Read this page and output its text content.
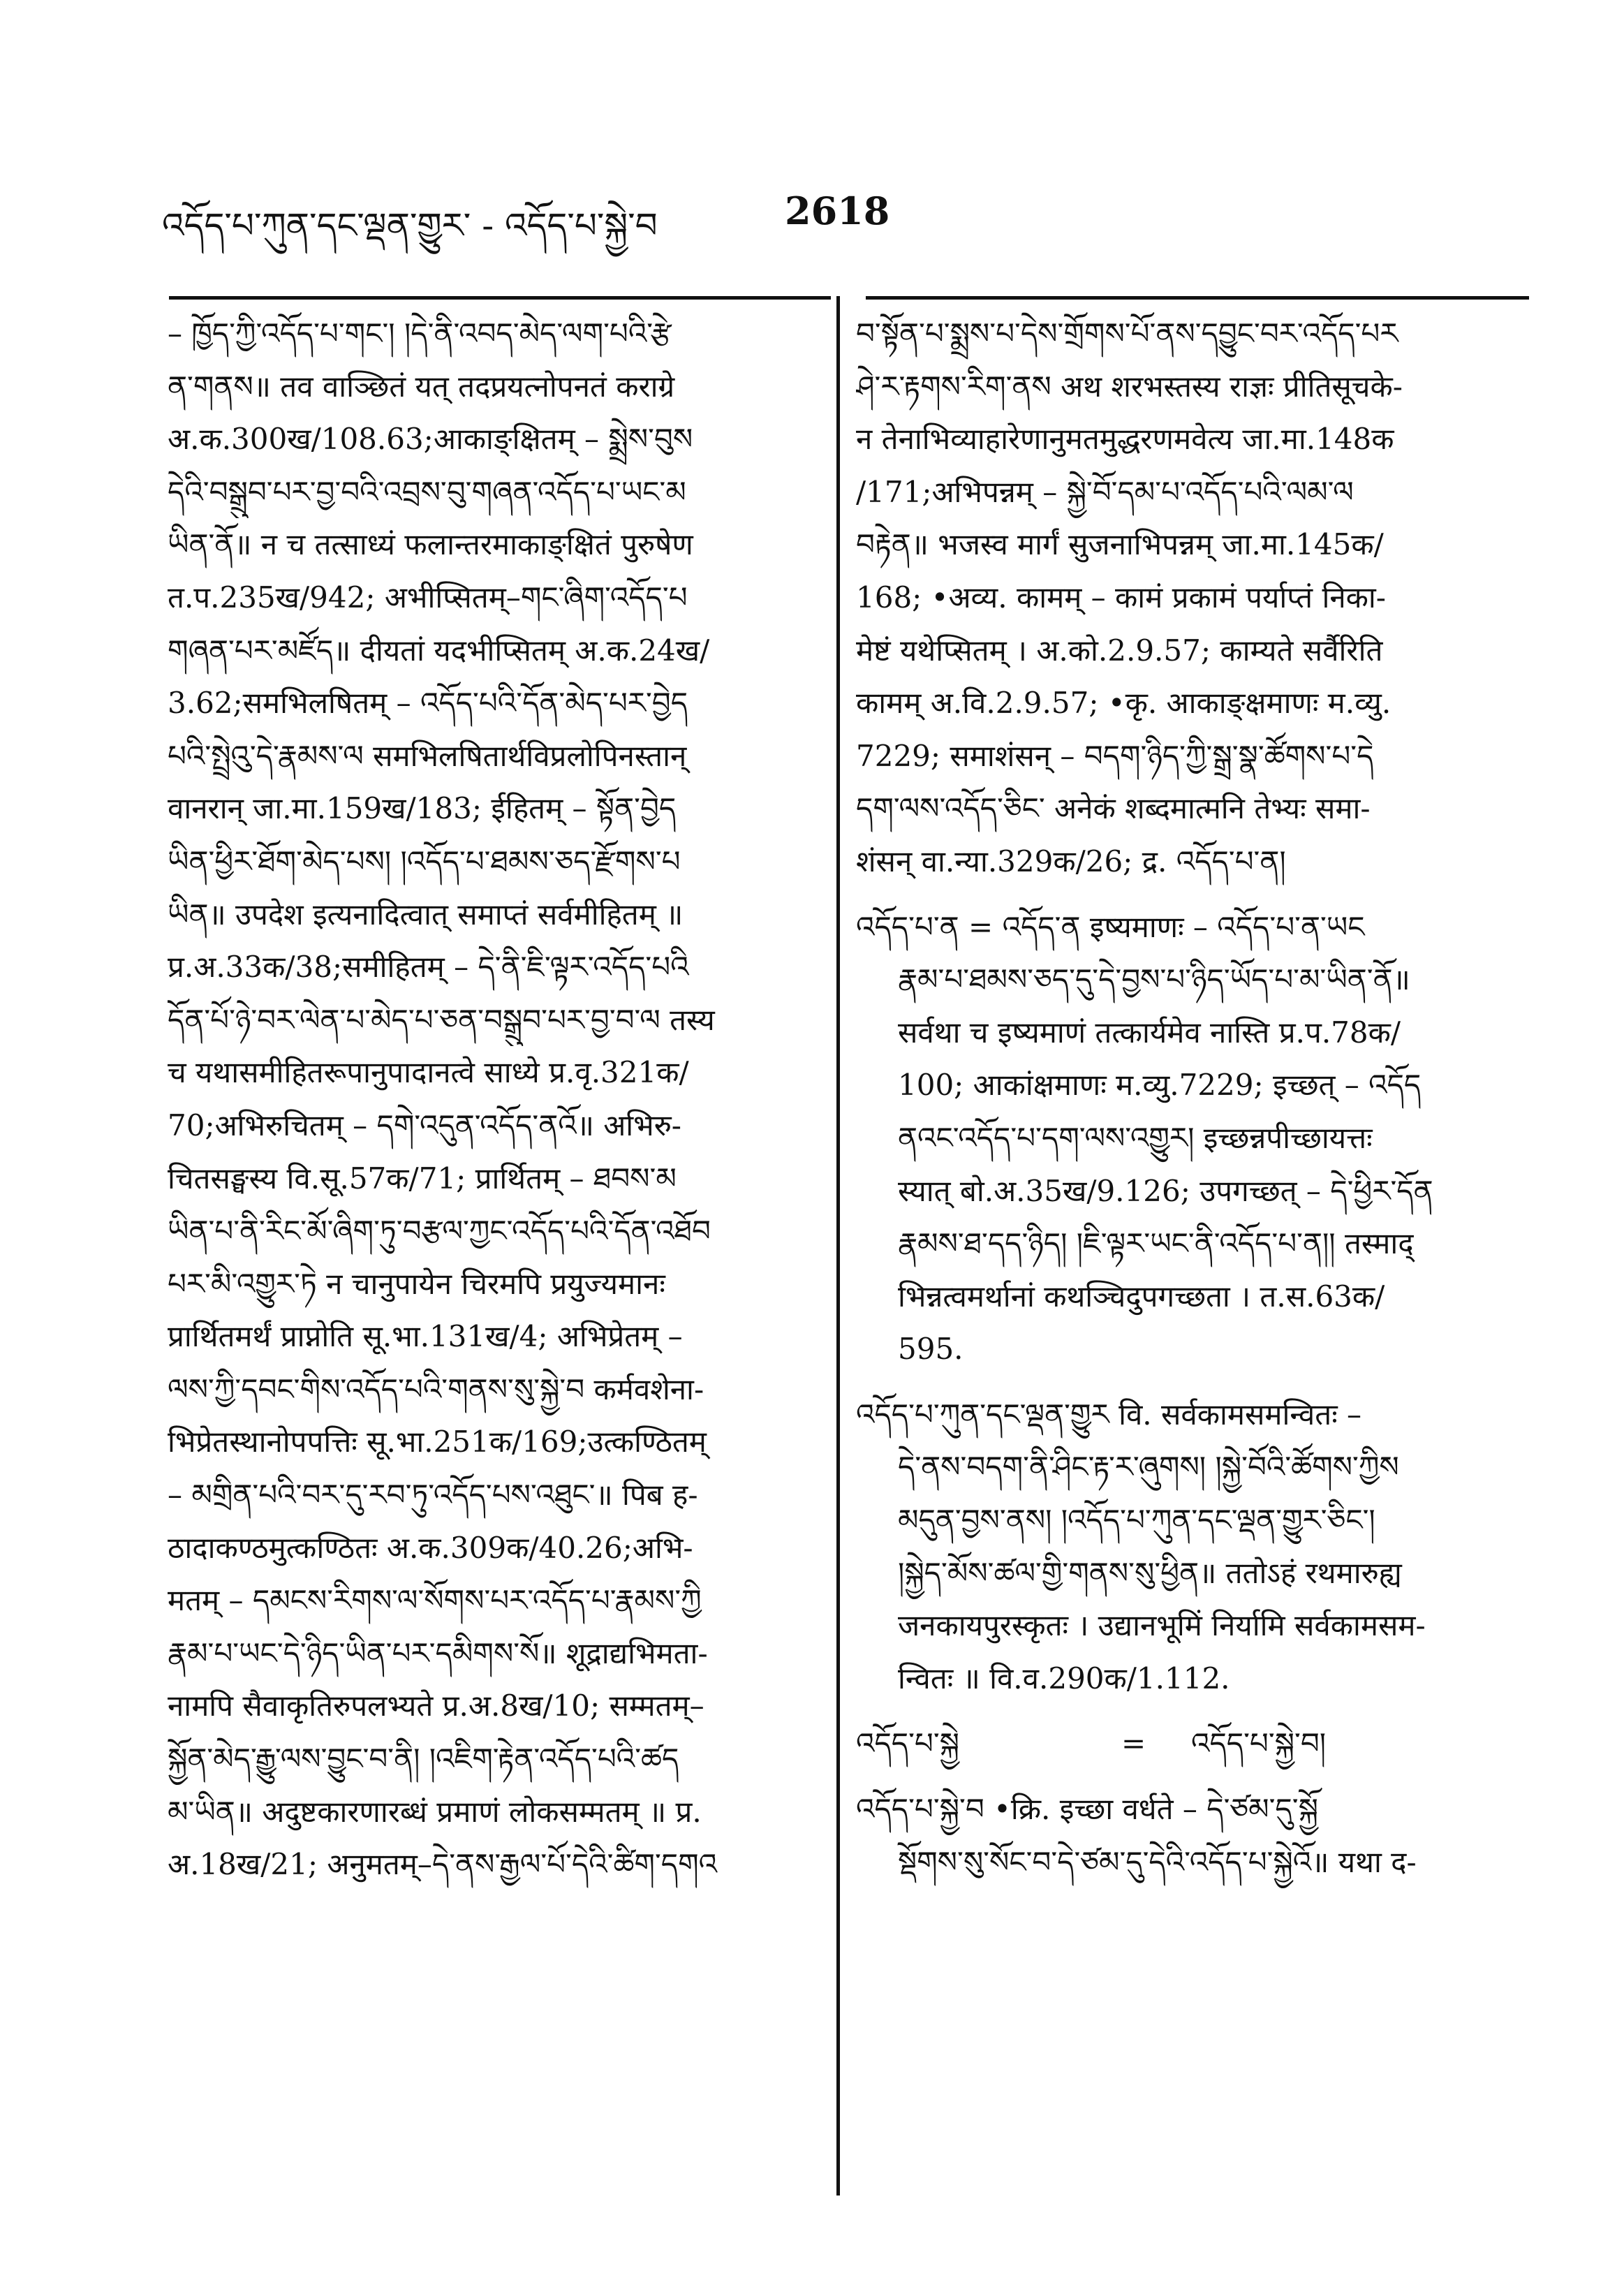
འདོད་པ་ཀུན་དང་ལྡན་གྱུར་ - འདོད་པ་སྐྱེ་བ	2618
– ཁྱོད་ཀྱི་འདོད་པ་གང་། །དེ་ནི་འབད་མེད་ལག་པའི་རྩེ
ན་གནས॥ तव वाञ्छितं यत् तदप्रयत्नोपनतं कराग्रे
अ.क.300ख/108.63;आकाङ्क्षितम् – སྨྲེས་བུས
དེའི་བསྒྲུབ་པར་བྱ་བའི་འབྲས་བུ་གཞན་འདོད་པ་ཡང་མ
ཡིན་ནོ॥ न च तत्साध्यं फलान्तरमाकाङ्क्षितं पुरुषेण
त.प.235ख/942; अभीप्सितम्–གང་ཞིག་འདོད་པ
གཞན་པར་མཛོད॥ दीयतां यदभीप्सितम् अ.क.24ख/
3.62;समभिलषितम् – འདོད་པའི་དོན་མེད་པར་བྱེད
པའི་སྤྲེའུ་དེ་རྣམས་ལ समभिलषितार्थविप्रलोपिनस्तान्
वानरान् जा.मा.159ख/183; ईहितम् – སྟོན་བྱེད
ཡིན་ཕྱིར་ཐོག་མེད་པས། །འདོད་པ་ཐམས་ཅད་རྫོགས་པ
ཡིན॥ उपदेश इत्यनादित्वात् समाप्तं सर्वमीहितम् ॥
प्र.अ.33क/38;समीहितम् – དེ་ནི་ཇི་ལྟར་འདོད་པའི
དོན་པོ་ཉེ་བར་ལེན་པ་མེད་པ་ཅན་བསྒྲུབ་པར་བྱ་བ་ལ तस्य
च यथासमीहितरूपानुपादानत्वे साध्ये प्र.वृ.321क/
70;अभिरुचितम् – དགེ་འདུན་འདོད་ནའོ॥ अभिरु-
चितसङ्घस्य वि.सू.57क/71; प्रार्थितम् – ཐབས་མ
ཡིན་པ་ནི་རིང་མོ་ཞིག་ཏུ་བརྩལ་ཀྱང་འདོད་པའི་དོན་འཐོབ
པར་མི་འགྱུར་ཏེ न चानुपायेन चिरमपि प्रयुज्यमानः
प्रार्थितमर्थं प्राप्नोति सू.भा.131ख/4; अभिप्रेतम् –
ལས་ཀྱི་དབང་གིས་འདོད་པའི་གནས་སུ་སྐྱེ་བ कर्मवशेना-
भिप्रेतस्थानोपपत्तिः सू.भा.251क/169;उत्कण्ठितम्
– མགྲིན་པའི་བར་དུ་རབ་ཏུ་འདོད་པས་འཐུང་॥ पिब ह-
ठादाकण्ठमुत्कण्ठितः अ.क.309क/40.26;अभि-
मतम् – དམངས་རིགས་ལ་སོགས་པར་འདོད་པ་རྣམས་ཀྱི
རྣམ་པ་ཡང་དེ་ཉིད་ཡིན་པར་དམིགས་སོ॥ शूद्राद्यभिमता-
नामपि सैवाकृतिरुपलभ्यते प्र.अ.8ख/10; सम्मतम्–
སྐྱོན་མེད་རྒྱུ་ལས་བྱུང་བ་ནི། །འཇིག་རྟེན་འདོད་པའི་ཚད
མ་ཡིན॥ अदुष्टकारणारब्धं प्रमाणं लोकसम्मतम् ॥ प्र.
अ.18ख/21; अनुमतम्–དེ་ནས་རྒྱལ་པོ་དེའི་ཚིག་དགའ
བ་སྟོན་པ་སྨྲས་པ་དེས་གྲོགས་པོ་ནས་དབྱུང་བར་འདོད་པར
ཤེ་ར་རྟགས་རིག་ནས अथ शरभस्तस्य राज्ञः प्रीतिसूचके-
न तेनाभिव्याहारेणानुमतमुद्धरणमवेत्य जा.मा.148क
/171;अभिपन्नम् – སྐྱེ་བོ་དམ་པ་འདོད་པའི་ལམ་ལ
བརྟེན॥ भजस्व मार्गं सुजनाभिपन्नम् जा.मा.145क/
168; •अव्य. कामम् – कामं प्रकामं पर्याप्तं निका-
मेष्टं यथेप्सितम् । अ.को.2.9.57; काम्यते सर्वैरिति
कामम् अ.वि.2.9.57; •कृ. आकाङ्क्षमाणः म.व्यु.
7229; समाशंसन् – བདག་ཉིད་ཀྱི་སྒྲ་སྣ་ཚོགས་པ་དེ
དག་ལས་འདོད་ཅིང་ अनेकं शब्दमात्मनि तेभ्यः समा-
शंसन् वा.न्या.329क/26; द्र. འདོད་པ་ན།
འདོད་པ་ན = འདོད་ན इष्यमाणः – འདོད་པ་ན་ཡང
རྣམ་པ་ཐམས་ཅད་དུ་དེ་བྱས་པ་ཉིད་ཡོད་པ་མ་ཡིན་ནོ॥
सर्वथा च इष्यमाणं तत्कार्यमेव नास्ति प्र.प.78क/
100; आकांक्षमाणः म.व्यु.7229; इच्छत् – འདོད
ནའང་འདོད་པ་དག་ལས་འགྱུར། इच्छन्नपीच्छायत्तः
स्यात् बो.अ.35ख/9.126; उपगच्छत् – དེ་ཕྱིར་དོན
རྣམས་ཐ་དད་ཉིད། །ཇི་ལྟར་ཡང་ནི་འདོད་པ་ན།། तस्माद्
भिन्नत्वमर्थानां कथञ्चिदुपगच्छता । त.स.63क/
595.
འདོད་པ་ཀུན་དང་ལྡན་གྱུར वि. सर्वकामसमन्वितः –
དེ་ནས་བདག་ནི་ཤིང་རྟ་ར་ཞུགས། །སྐྱེ་བོའི་ཚོགས་ཀྱིས
མདུན་བྱས་ནས། །འདོད་པ་ཀུན་དང་ལྡན་གྱུར་ཅིང་།
།སྐྱེད་མོས་ཚལ་གྱི་གནས་སུ་ཕྱིན॥ ततोऽहं रथमारुह्य
जनकायपुरस्कृतः । उद्यानभूमिं निर्यामि सर्वकामसम-
न्वितः ॥ वि.व.290क/1.112.
འདོད་པ་སྐྱེ	= འདོད་པ་སྐྱེ་བ།
འདོད་པ་སྐྱེ་བ •क्रि. इच्छा वर्धते – དེ་ཙམ་དུ་སྐྱོ
སྡོགས་སུ་སོང་བ་དེ་ཙམ་དུ་དེའི་འདོད་པ་སྐྱེའོ॥ यथा द-
